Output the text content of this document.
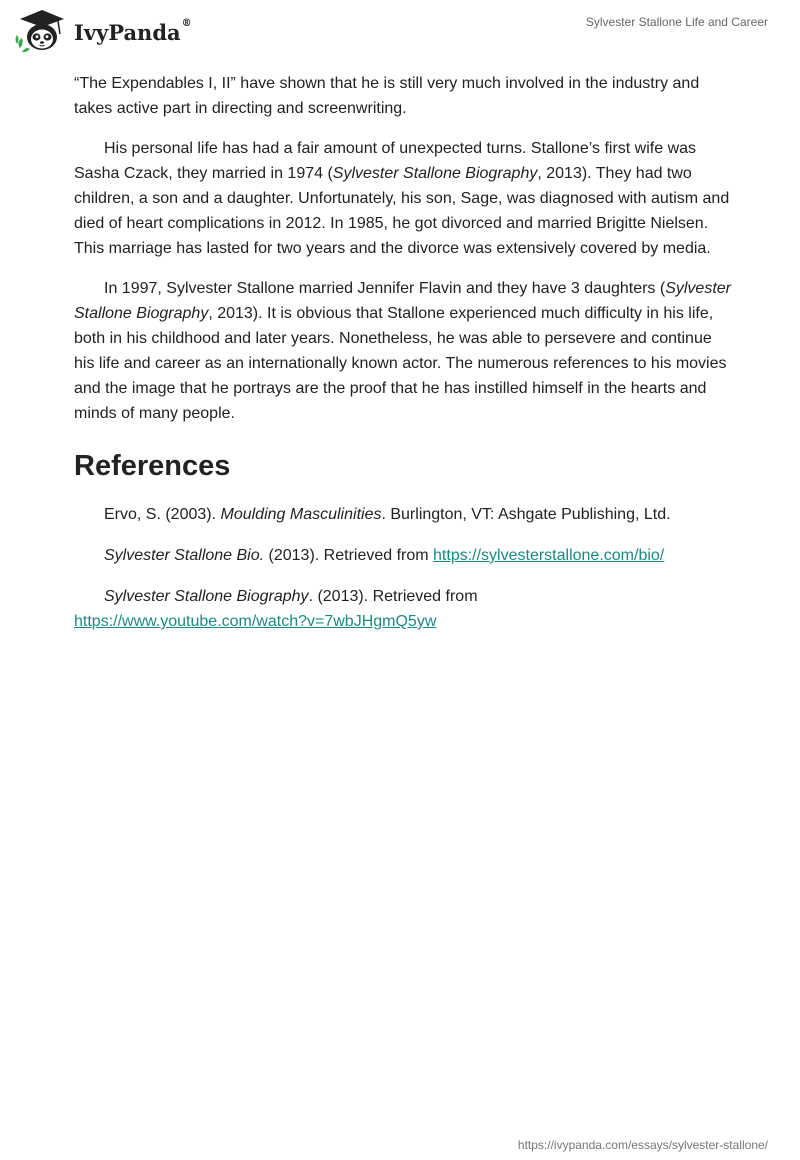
IvyPanda®	Sylvester Stallone Life and Career

“The Expendables I, II” have shown that he is still very much involved in the industry and takes active part in directing and screenwriting.

His personal life has had a fair amount of unexpected turns. Stallone’s first wife was Sasha Czack, they married in 1974 (Sylvester Stallone Biography, 2013). They had two children, a son and a daughter. Unfortunately, his son, Sage, was diagnosed with autism and died of heart complications in 2012. In 1985, he got divorced and married Brigitte Nielsen. This marriage has lasted for two years and the divorce was extensively covered by media.

In 1997, Sylvester Stallone married Jennifer Flavin and they have 3 daughters (Sylvester Stallone Biography, 2013). It is obvious that Stallone experienced much difficulty in his life, both in his childhood and later years. Nonetheless, he was able to persevere and continue his life and career as an internationally known actor. The numerous references to his movies and the image that he portrays are the proof that he has instilled himself in the hearts and minds of many people.

References

Ervo, S. (2003). Moulding Masculinities. Burlington, VT: Ashgate Publishing, Ltd.

Sylvester Stallone Bio. (2013). Retrieved from https://sylvesterstallone.com/bio/

Sylvester Stallone Biography. (2013). Retrieved from
https://www.youtube.com/watch?v=7wbJHgmQ5yw

https://ivypanda.com/essays/sylvester-stallone/
